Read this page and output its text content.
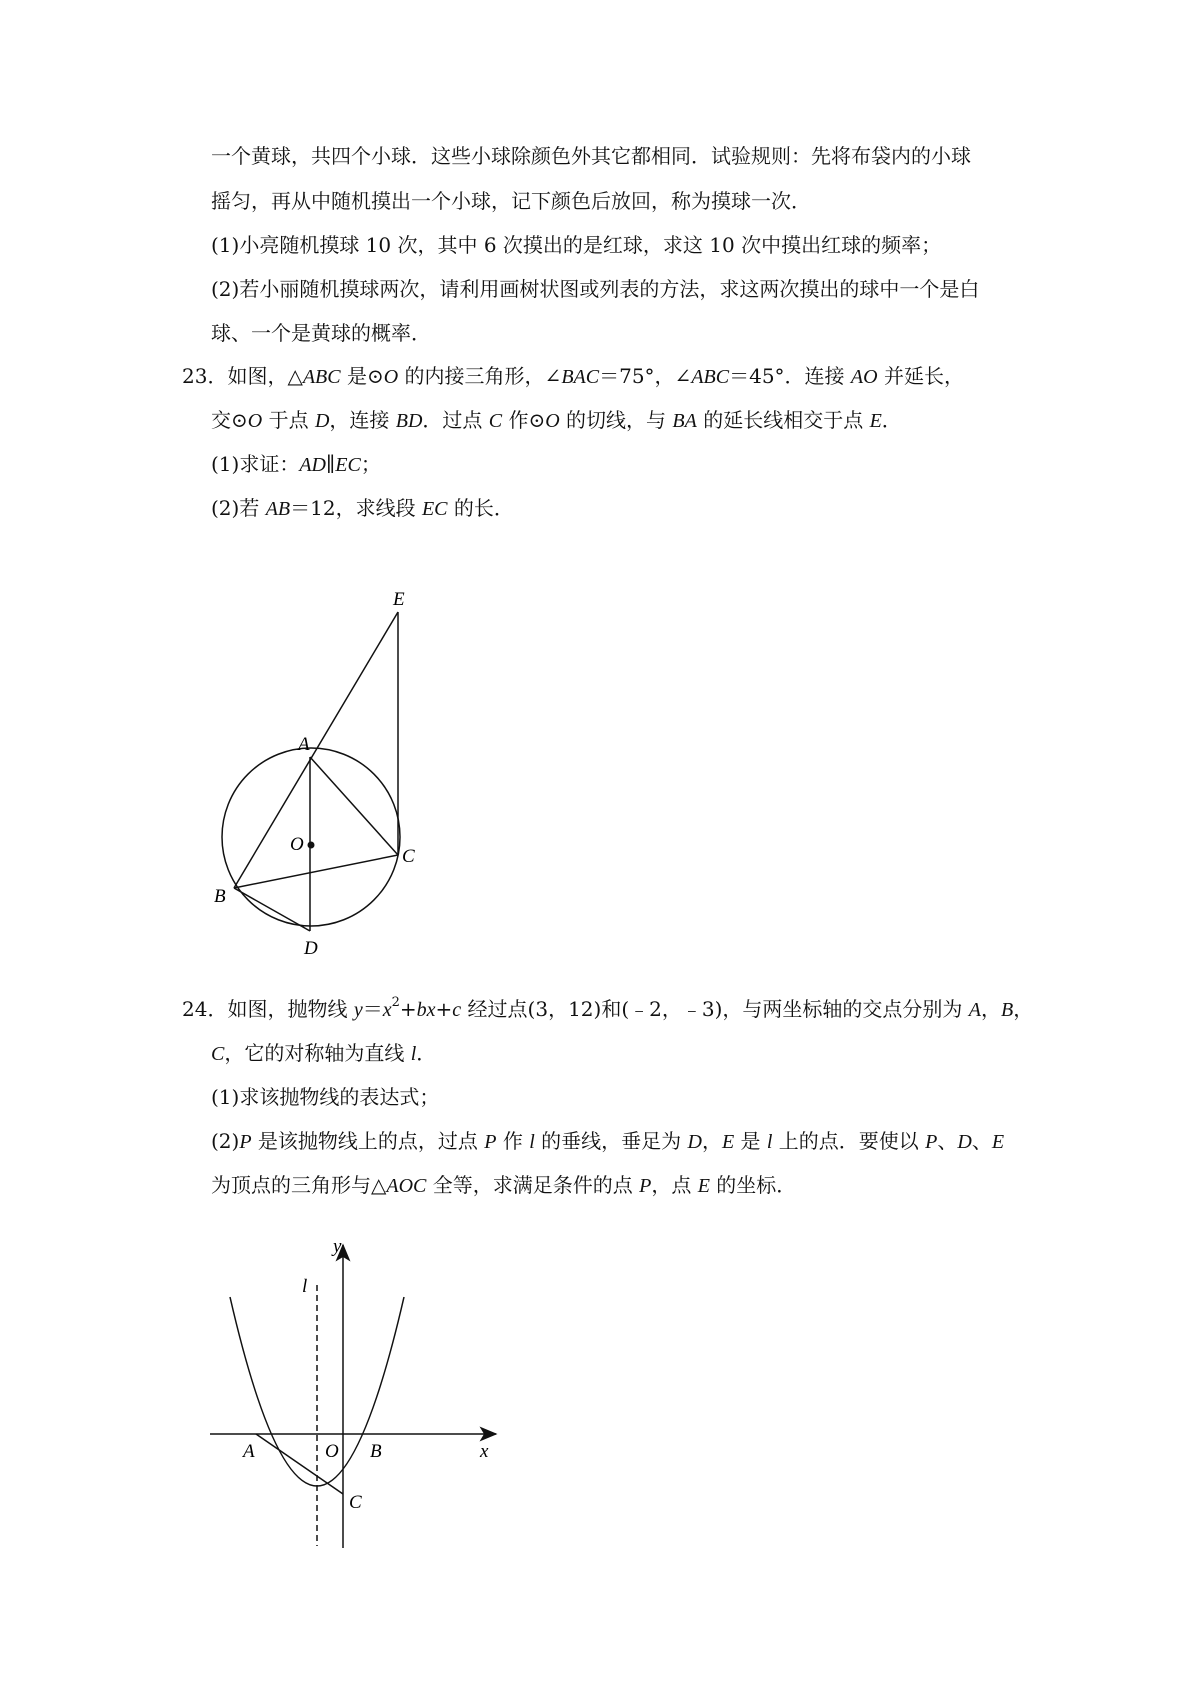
一个黄球，共四个小球．这些小球除颜色外其它都相同．试验规则：先将布袋内的小球
摇匀，再从中随机摸出一个小球，记下颜色后放回，称为摸球一次．
(1)小亮随机摸球 10 次，其中 6 次摸出的是红球，求这 10 次中摸出红球的频率；
(2)若小丽随机摸球两次，请利用画树状图或列表的方法，求这两次摸出的球中一个是白
球、一个是黄球的概率．
23．如图，△ABC 是⊙O 的内接三角形，∠BAC＝75°，∠ABC＝45°．连接 AO 并延长，
交⊙O 于点 D，连接 BD．过点 C 作⊙O 的切线，与 BA 的延长线相交于点 E．
(1)求证：AD∥EC；
(2)若 AB＝12，求线段 EC 的长．
E
A
O
C
B
D
24．如图，抛物线 $y=x^2+bx+c$ 经过点(3，12)和(﹣2，﹣3)，与两坐标轴的交点分别为 A，B，
C，它的对称轴为直线 l．
(1)求该抛物线的表达式；
(2)P 是该抛物线上的点，过点 P 作 l 的垂线，垂足为 D，E 是 l 上的点．要使以 P、D、E
为顶点的三角形与△AOC 全等，求满足条件的点 P，点 E 的坐标．
y
l
A	O B	x
C
